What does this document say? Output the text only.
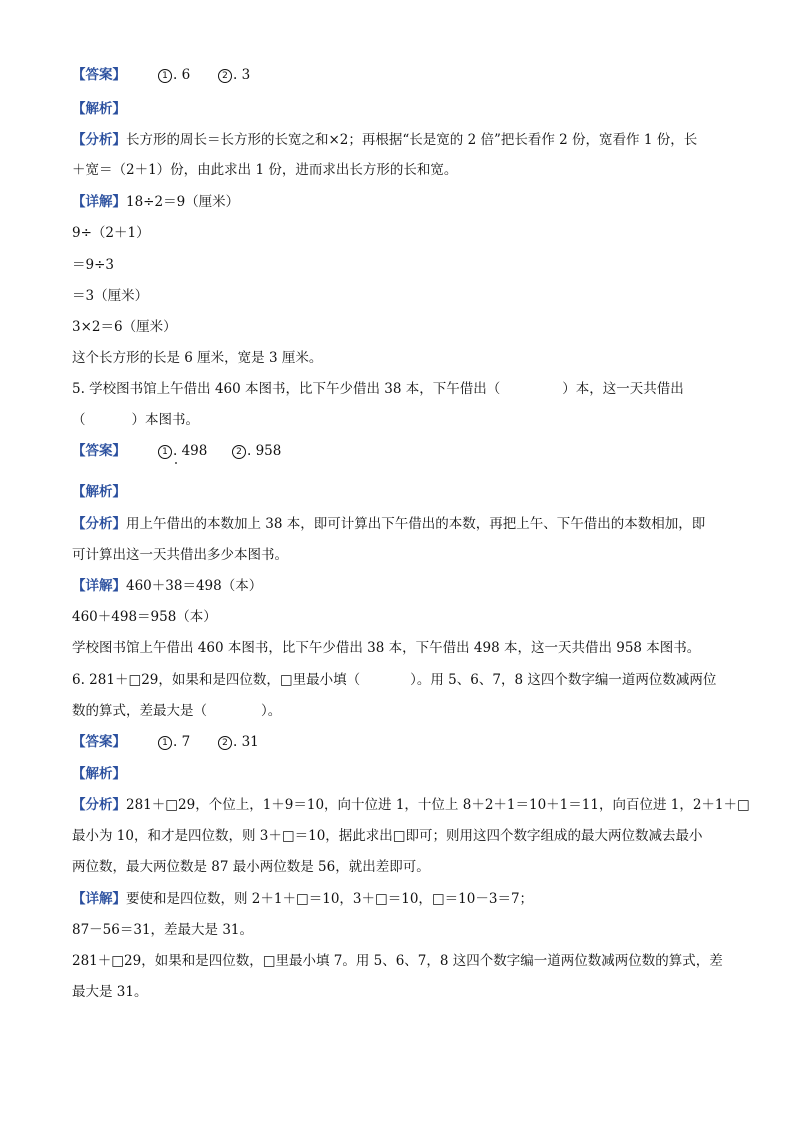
【答案】	1 . 6	2 . 3
【解析】
【分析】长方形的周长＝长方形的长宽之和×2；再根据“长是宽的 2 倍”把长看作 2 份，宽看作 1 份，长
＋宽＝（2＋1）份，由此求出 1 份，进而求出长方形的长和宽。
【详解】18÷2＝9（厘米）
9÷（2＋1）
＝9÷3
＝3（厘米）
3×2＝6（厘米）
这个长方形的长是 6 厘米，宽是 3 厘米。
5. 学校图书馆上午借出 460 本图书，比下午少借出 38 本，下午借出（	）本，这一天共借出
（	）本图书。
【答案】	1 . 498	2 . 958
【解析】
【分析】用上午借出的本数加上 38 本，即可计算出下午借出的本数，再把上午、下午借出的本数相加，即
可计算出这一天共借出多少本图书。
【详解】460＋38＝498（本）
460＋498＝958（本）
学校图书馆上午借出 460 本图书，比下午少借出 38 本，下午借出 498 本，这一天共借出 958 本图书。
6. 281＋□29，如果和是四位数，□里最小填（	）。用 5、6、7，8 这四个数字编一道两位数减两位
数的算式，差最大是（	）。
【答案】	1 . 7	2 . 31
【解析】
【分析】281＋□29，个位上，1＋9＝10，向十位进 1，十位上 8＋2＋1＝10＋1＝11，向百位进 1，2＋1＋□
最小为 10，和才是四位数，则 3＋□＝10，据此求出□即可；则用这四个数字组成的最大两位数减去最小
两位数，最大两位数是 87 最小两位数是 56，就出差即可。
【详解】要使和是四位数，则 2＋1＋□＝10，3＋□＝10，□＝10－3＝7；
87－56＝31，差最大是 31。
281＋□29，如果和是四位数，□里最小填 7。用 5、6、7，8 这四个数字编一道两位数减两位数的算式，差
最大是 31。
